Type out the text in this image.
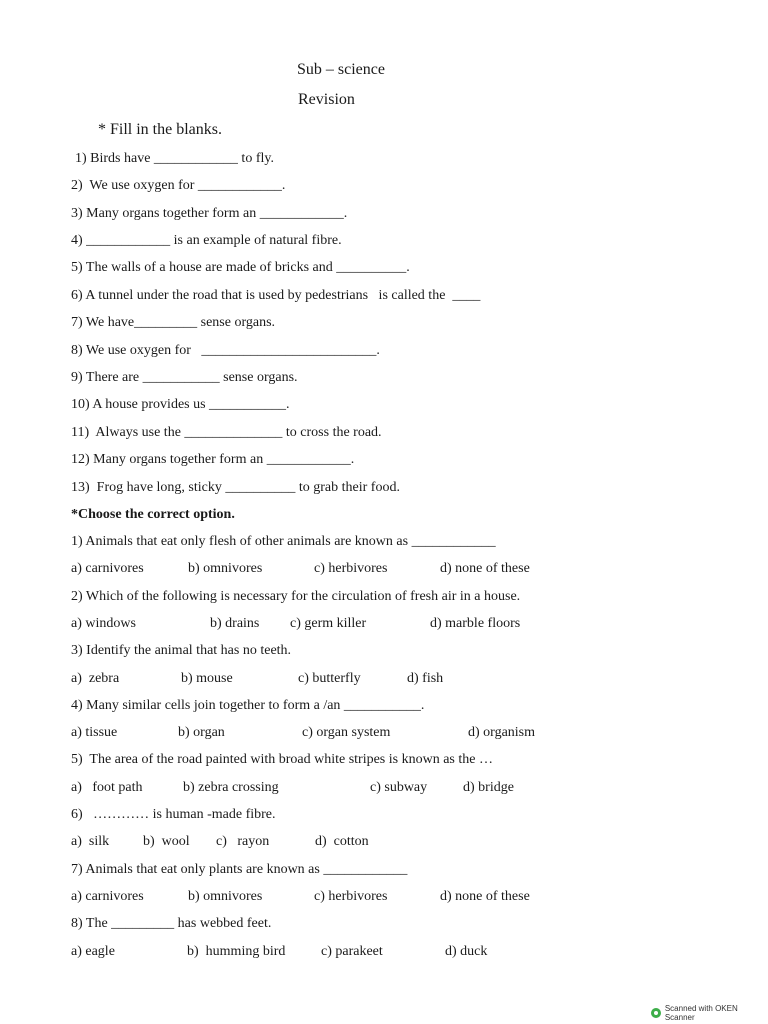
Sub – science
Revision
* Fill in the blanks.
1) Birds have ____________ to fly.
2)  We use oxygen for ____________.
3) Many organs together form an ____________.
4) ____________ is an example of natural fibre.
5) The walls of a house are made of bricks and __________.
6) A tunnel under the road that is used by pedestrians   is called the  ____
7) We have_________ sense organs.
8) We use oxygen for   _________________________.
9) There are ___________ sense organs.
10) A house provides us ___________.
11)  Always use the ______________ to cross the road.
12) Many organs together form an ____________.
13)  Frog have long, sticky __________ to grab their food.
*Choose the correct option.
1) Animals that eat only flesh of other animals are known as ____________
a) carnivores	b) omnivores	c) herbivores	d) none of these
2) Which of the following is necessary for the circulation of fresh air in a house.
a) windows	b) drains c) germ killer	d) marble floors
3) Identify the animal that has no teeth.
a)  zebra	b) mouse	c) butterfly	d) fish
4) Many similar cells join together to form a /an ___________.
a) tissue	b) organ	c) organ system	d) organism
5)  The area of the road painted with broad white stripes is known as the …
a)   foot path	b) zebra crossing	c) subway	d) bridge
6)   ………… is human -made fibre.
a)  silk b)  wool c)   rayon	d)  cotton
7) Animals that eat only plants are known as ____________
a) carnivores	b) omnivores	c) herbivores	d) none of these
8) The _________ has webbed feet.
a) eagle	b)  humming bird	c) parakeet	d) duck
Scanned with OKEN Scanner
